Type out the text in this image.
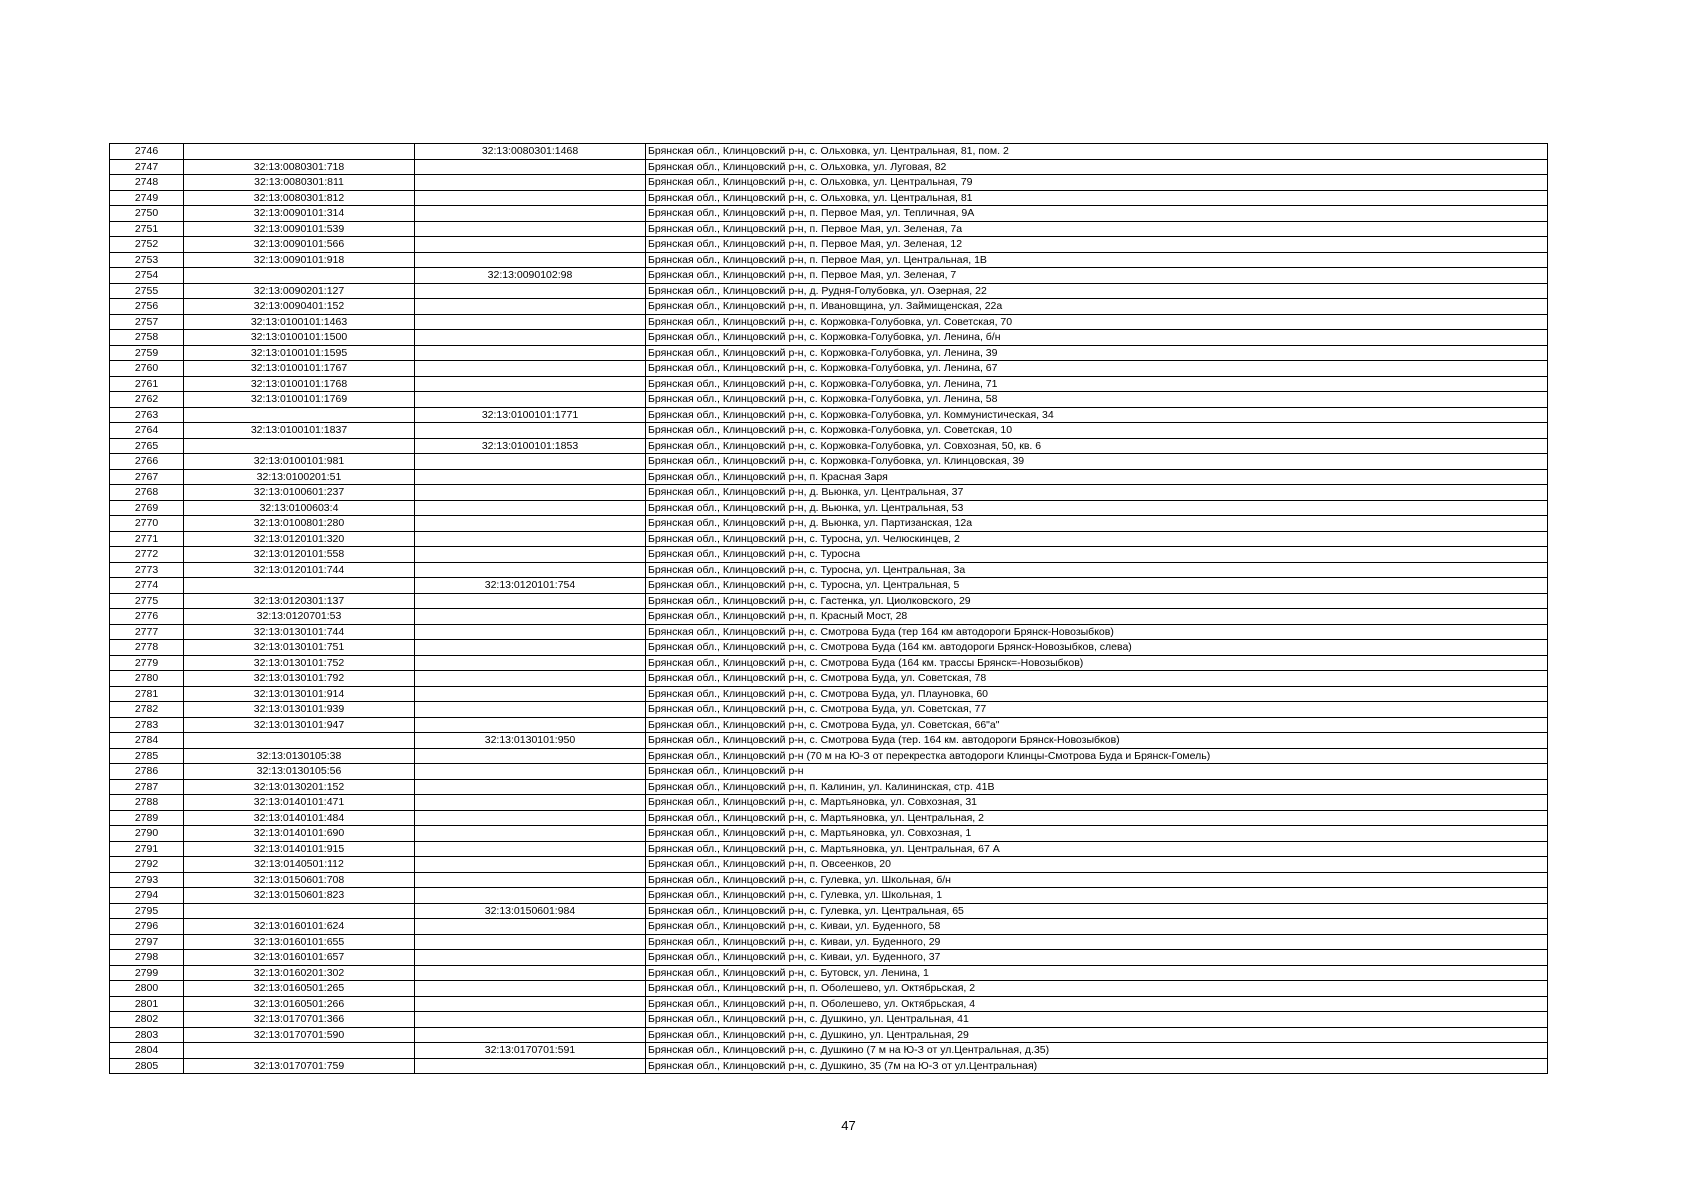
2746		32:13:0080301:1468	Брянская обл., Клинцовский р-н, с. Ольховка, ул. Центральная, 81, пом. 2
2747	32:13:0080301:718		Брянская обл., Клинцовский р-н, с. Ольховка, ул. Луговая, 82
2748	32:13:0080301:811		Брянская обл., Клинцовский р-н, с. Ольховка, ул. Центральная, 79
2749	32:13:0080301:812		Брянская обл., Клинцовский р-н, с. Ольховка, ул. Центральная, 81
2750	32:13:0090101:314		Брянская обл., Клинцовский р-н, п. Первое Мая, ул. Тепличная, 9А
2751	32:13:0090101:539		Брянская обл., Клинцовский р-н, п. Первое Мая, ул. Зеленая, 7а
2752	32:13:0090101:566		Брянская обл., Клинцовский р-н, п. Первое Мая, ул. Зеленая, 12
2753	32:13:0090101:918		Брянская обл., Клинцовский р-н, п. Первое Мая, ул. Центральная, 1В
2754		32:13:0090102:98	Брянская обл., Клинцовский р-н, п. Первое Мая, ул. Зеленая, 7
2755	32:13:0090201:127		Брянская обл., Клинцовский р-н, д. Рудня-Голубовка, ул. Озерная, 22
2756	32:13:0090401:152		Брянская обл., Клинцовский р-н, п. Ивановщина, ул. Займищенская, 22а
2757	32:13:0100101:1463		Брянская обл., Клинцовский р-н, с. Коржовка-Голубовка, ул. Советская, 70
2758	32:13:0100101:1500		Брянская обл., Клинцовский р-н, с. Коржовка-Голубовка, ул. Ленина, б/н
2759	32:13:0100101:1595		Брянская обл., Клинцовский р-н, с. Коржовка-Голубовка, ул. Ленина, 39
2760	32:13:0100101:1767		Брянская обл., Клинцовский р-н, с. Коржовка-Голубовка, ул. Ленина, 67
2761	32:13:0100101:1768		Брянская обл., Клинцовский р-н, с. Коржовка-Голубовка, ул. Ленина, 71
2762	32:13:0100101:1769		Брянская обл., Клинцовский р-н, с. Коржовка-Голубовка, ул. Ленина, 58
2763		32:13:0100101:1771	Брянская обл., Клинцовский р-н, с. Коржовка-Голубовка, ул. Коммунистическая, 34
2764	32:13:0100101:1837		Брянская обл., Клинцовский р-н, с. Коржовка-Голубовка, ул. Советская, 10
2765		32:13:0100101:1853	Брянская обл., Клинцовский р-н, с. Коржовка-Голубовка, ул. Совхозная, 50, кв. 6
2766	32:13:0100101:981		Брянская обл., Клинцовский р-н, с. Коржовка-Голубовка, ул. Клинцовская, 39
2767	32:13:0100201:51		Брянская обл., Клинцовский р-н, п. Красная Заря
2768	32:13:0100601:237		Брянская обл., Клинцовский р-н, д. Вьюнка, ул. Центральная, 37
2769	32:13:0100603:4		Брянская обл., Клинцовский р-н, д. Вьюнка, ул. Центральная, 53
2770	32:13:0100801:280		Брянская обл., Клинцовский р-н, д. Вьюнка, ул. Партизанская, 12а
2771	32:13:0120101:320		Брянская обл., Клинцовский р-н, с. Туросна, ул. Челюскинцев, 2
2772	32:13:0120101:558		Брянская обл., Клинцовский р-н, с. Туросна
2773	32:13:0120101:744		Брянская обл., Клинцовский р-н, с. Туросна, ул. Центральная, 3а
2774		32:13:0120101:754	Брянская обл., Клинцовский р-н, с. Туросна, ул. Центральная, 5
2775	32:13:0120301:137		Брянская обл., Клинцовский р-н, с. Гастенка, ул. Циолковского, 29
2776	32:13:0120701:53		Брянская обл., Клинцовский р-н, п. Красный Мост, 28
2777	32:13:0130101:744		Брянская обл., Клинцовский р-н, с. Смотрова Буда (тер 164 км автодороги Брянск-Новозыбков)
2778	32:13:0130101:751		Брянская обл., Клинцовский р-н, с. Смотрова Буда (164 км. автодороги Брянск-Новозыбков, слева)
2779	32:13:0130101:752		Брянская обл., Клинцовский р-н, с. Смотрова Буда (164 км. трассы Брянск=-Новозыбков)
2780	32:13:0130101:792		Брянская обл., Клинцовский р-н, с. Смотрова Буда, ул. Советская, 78
2781	32:13:0130101:914		Брянская обл., Клинцовский р-н, с. Смотрова Буда, ул. Плауновка, 60
2782	32:13:0130101:939		Брянская обл., Клинцовский р-н, с. Смотрова Буда, ул. Советская, 77
2783	32:13:0130101:947		Брянская обл., Клинцовский р-н, с. Смотрова Буда, ул. Советская, 66"а"
2784		32:13:0130101:950	Брянская обл., Клинцовский р-н, с. Смотрова Буда (тер. 164 км. автодороги Брянск-Новозыбков)
2785	32:13:0130105:38		Брянская обл., Клинцовский р-н (70 м на Ю-З от перекрестка автодороги Клинцы-Смотрова Буда и Брянск-Гомель)
2786	32:13:0130105:56		Брянская обл., Клинцовский р-н
2787	32:13:0130201:152		Брянская обл., Клинцовский р-н, п. Калинин, ул. Калининская, стр. 41В
2788	32:13:0140101:471		Брянская обл., Клинцовский р-н, с. Мартьяновка, ул. Совхозная, 31
2789	32:13:0140101:484		Брянская обл., Клинцовский р-н, с. Мартьяновка, ул. Центральная, 2
2790	32:13:0140101:690		Брянская обл., Клинцовский р-н, с. Мартьяновка, ул. Совхозная, 1
2791	32:13:0140101:915		Брянская обл., Клинцовский р-н, с. Мартьяновка, ул. Центральная, 67 А
2792	32:13:0140501:112		Брянская обл., Клинцовский р-н, п. Овсеенков, 20
2793	32:13:0150601:708		Брянская обл., Клинцовский р-н, с. Гулевка, ул. Школьная, б/н
2794	32:13:0150601:823		Брянская обл., Клинцовский р-н, с. Гулевка, ул. Школьная, 1
2795		32:13:0150601:984	Брянская обл., Клинцовский р-н, с. Гулевка, ул. Центральная, 65
2796	32:13:0160101:624		Брянская обл., Клинцовский р-н, с. Киваи, ул. Буденного, 58
2797	32:13:0160101:655		Брянская обл., Клинцовский р-н, с. Киваи, ул. Буденного, 29
2798	32:13:0160101:657		Брянская обл., Клинцовский р-н, с. Киваи, ул. Буденного, 37
2799	32:13:0160201:302		Брянская обл., Клинцовский р-н, с. Бутовск, ул. Ленина, 1
2800	32:13:0160501:265		Брянская обл., Клинцовский р-н, п. Оболешево, ул. Октябрьская, 2
2801	32:13:0160501:266		Брянская обл., Клинцовский р-н, п. Оболешево, ул. Октябрьская, 4
2802	32:13:0170701:366		Брянская обл., Клинцовский р-н, с. Душкино, ул. Центральная, 41
2803	32:13:0170701:590		Брянская обл., Клинцовский р-н, с. Душкино, ул. Центральная, 29
2804		32:13:0170701:591	Брянская обл., Клинцовский р-н, с. Душкино (7 м на Ю-З от ул.Центральная, д.35)
2805	32:13:0170701:759		Брянская обл., Клинцовский р-н, с. Душкино, 35 (7м на Ю-З от ул.Центральная)
47
